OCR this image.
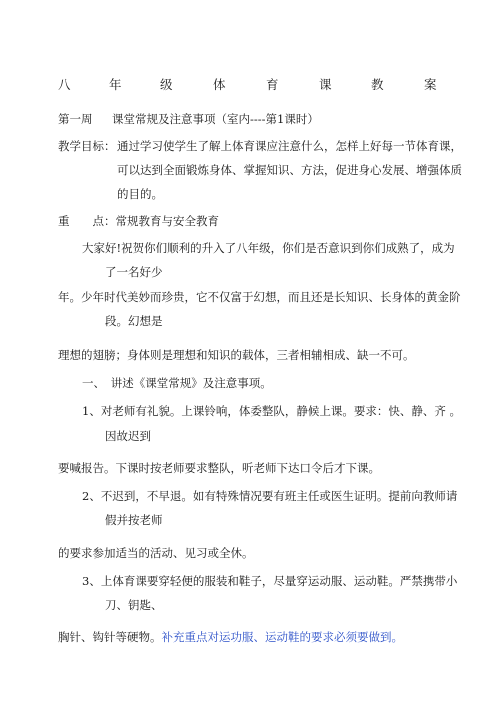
八	年	级	体	育	课	教	案
第一周 课堂常规及注意事项（室内----第1课时）
教学目标： 通过学习使学生了解上体育课应注意什么，怎样上好每一节体育课，
可以达到全面锻炼身体、掌握知识、方法，促进身心发展、增强体质
的目的。
重　　点：常规教育与安全教育
大家好!祝贺你们顺利的升入了八年级，你们是否意识到你们成熟了，成为
了一名好少
年。少年时代美妙而珍贵，它不仅富于幻想，而且还是长知识、长身体的黄金阶
段。幻想是
理想的翅膀；身体则是理想和知识的载体，三者相辅相成、缺一不可。
一、　讲述《课堂常规》及注意事项。
1、对老师有礼貌。上课铃响，体委整队，静候上课。要求：快、静、齐 。
因故迟到
要喊报告。下课时按老师要求整队，听老师下达口令后才下课。
2、不迟到，不早退。如有特殊情况要有班主任或医生证明。提前向教师请
假并按老师
的要求参加适当的活动、见习或全休。
3、上体育课要穿轻便的服装和鞋子，尽量穿运动服、运动鞋。严禁携带小
刀、钥匙、
胸针、钩针等硬物。补充重点对运功服、运动鞋的要求必须要做到。
